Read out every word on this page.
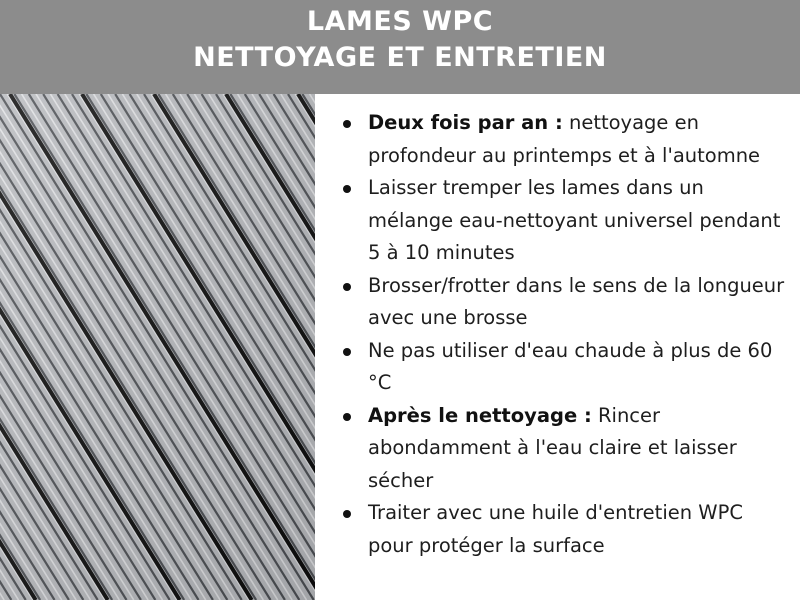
LAMES WPC
NETTOYAGE ET ENTRETIEN
Deux fois par an : nettoyage en profondeur au printemps et à l'automne
Laisser tremper les lames dans un mélange eau-nettoyant universel pendant 5 à 10 minutes
Brosser/frotter dans le sens de la longueur avec une brosse
Ne pas utiliser d'eau chaude à plus de 60 °C
Après le nettoyage : Rincer abondamment à l'eau claire et laisser sécher
Traiter avec une huile d'entretien WPC pour protéger la surface
